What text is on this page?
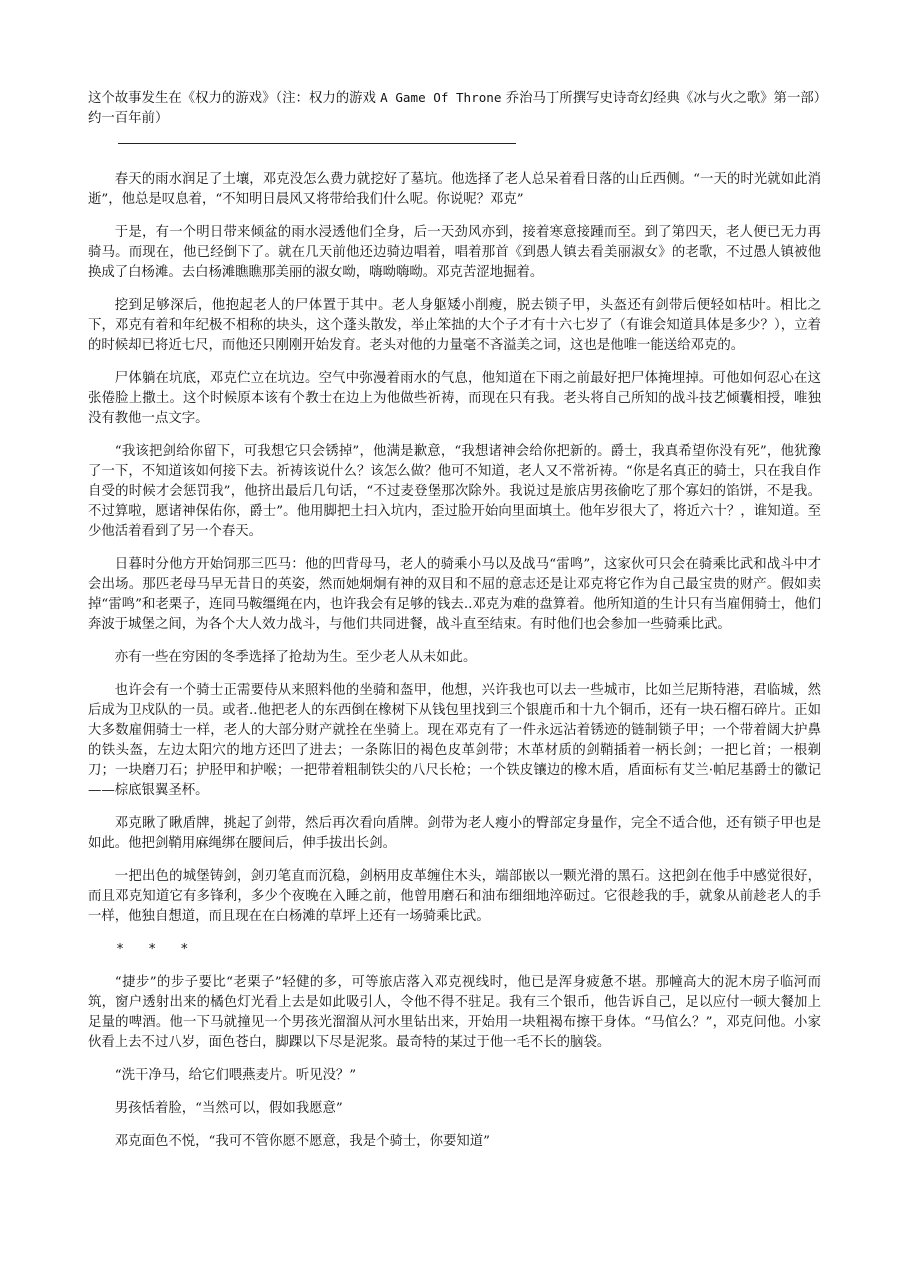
这个故事发生在《权力的游戏》（注：权力的游戏 A Game Of Throne 乔治马丁所撰写史诗奇幻经典《冰与火之歌》第一部）约一百年前）

春天的雨水润足了土壤，邓克没怎么费力就挖好了墓坑。他选择了老人总呆着看日落的山丘西侧。“一天的时光就如此消逝”，他总是叹息着，“不知明日晨风又将带给我们什么呢。你说呢？邓克”

于是，有一个明日带来倾盆的雨水浸透他们全身，后一天劲风亦到，接着寒意接踵而至。到了第四天，老人便已无力再骑马。而现在，他已经倒下了。就在几天前他还边骑边唱着，唱着那首《到愚人镇去看美丽淑女》的老歌，不过愚人镇被他换成了白杨滩。去白杨滩瞧瞧那美丽的淑女呦，嗨呦嗨呦。邓克苦涩地掘着。

挖到足够深后，他抱起老人的尸体置于其中。老人身躯矮小削瘦，脱去锁子甲，头盔还有剑带后便轻如枯叶。相比之下，邓克有着和年纪极不相称的块头，这个蓬头散发，举止笨拙的大个子才有十六七岁了（有谁会知道具体是多少？），立着的时候却已将近七尺，而他还只刚刚开始发育。老头对他的力量毫不吝溢美之词，这也是他唯一能送给邓克的。

尸体躺在坑底，邓克伫立在坑边。空气中弥漫着雨水的气息，他知道在下雨之前最好把尸体掩埋掉。可他如何忍心在这张倦脸上撒土。这个时候原本该有个教士在边上为他做些祈祷，而现在只有我。老头将自己所知的战斗技艺倾囊相授，唯独没有教他一点文字。

“我该把剑给你留下，可我想它只会锈掉”，他满是歉意，“我想诸神会给你把新的。爵士，我真希望你没有死”，他犹豫了一下，不知道该如何接下去。祈祷该说什么？该怎么做？他可不知道，老人又不常祈祷。“你是名真正的骑士，只在我自作自受的时候才会惩罚我”，他挤出最后几句话，“不过麦登堡那次除外。我说过是旅店男孩偷吃了那个寡妇的馅饼，不是我。不过算啦，愿诸神保佑你，爵士”。他用脚把土扫入坑内，歪过脸开始向里面填土。他年岁很大了，将近六十？，谁知道。至少他活着看到了另一个春天。

日暮时分他方开始饲那三匹马：他的凹背母马，老人的骑乘小马以及战马“雷鸣”，这家伙可只会在骑乘比武和战斗中才会出场。那匹老母马早无昔日的英姿，然而她炯炯有神的双目和不屈的意志还是让邓克将它作为自己最宝贵的财产。假如卖掉“雷鸣”和老栗子，连同马鞍缰绳在内，也许我会有足够的钱去..邓克为难的盘算着。他所知道的生计只有当雇佣骑士，他们奔波于城堡之间，为各个大人效力战斗，与他们共同进餐，战斗直至结束。有时他们也会参加一些骑乘比武。

亦有一些在穷困的冬季选择了抢劫为生。至少老人从未如此。

也许会有一个骑士正需要侍从来照料他的坐骑和盔甲，他想，兴许我也可以去一些城市，比如兰尼斯特港，君临城，然后成为卫戍队的一员。或者..他把老人的东西倒在橡树下从钱包里找到三个银鹿币和十九个铜币，还有一块石榴石碎片。正如大多数雇佣骑士一样，老人的大部分财产就拴在坐骑上。现在邓克有了一件永远沾着锈迹的链制锁子甲；一个带着阔大护鼻的铁头盔，左边太阳穴的地方还凹了进去；一条陈旧的褐色皮革剑带；木革材质的剑鞘插着一柄长剑；一把匕首；一根剃刀；一块磨刀石；护胫甲和护喉；一把带着粗制铁尖的八尺长枪；一个铁皮镶边的橡木盾，盾面标有艾兰·帕尼基爵士的徽记——棕底银翼圣杯。

邓克瞅了瞅盾牌，挑起了剑带，然后再次看向盾牌。剑带为老人瘦小的臀部定身量作，完全不适合他，还有锁子甲也是如此。他把剑鞘用麻绳绑在腰间后，伸手拔出长剑。

一把出色的城堡铸剑，剑刃笔直而沉稳，剑柄用皮革缠住木头，端部嵌以一颗光滑的黑石。这把剑在他手中感觉很好，而且邓克知道它有多锋利，多少个夜晚在入睡之前，他曾用磨石和油布细细地淬砺过。它很趁我的手，就象从前趁老人的手一样，他独自想道，而且现在在白杨滩的草坪上还有一场骑乘比武。

* * *

“捷步”的步子要比“老栗子”轻健的多，可等旅店落入邓克视线时，他已是浑身疲惫不堪。那幢高大的泥木房子临河而筑，窗户透射出来的橘色灯光看上去是如此吸引人，令他不得不驻足。我有三个银币，他告诉自己，足以应付一顿大餐加上足量的啤酒。他一下马就撞见一个男孩光溜溜从河水里钻出来，开始用一块粗褐布擦干身体。“马倌么？”，邓克问他。小家伙看上去不过八岁，面色苍白，脚踝以下尽是泥浆。最奇特的某过于他一毛不长的脑袋。

“洗干净马，给它们喂燕麦片。听见没？”

男孩恬着脸，“当然可以，假如我愿意”

邓克面色不悦，“我可不管你愿不愿意，我是个骑士，你要知道”
